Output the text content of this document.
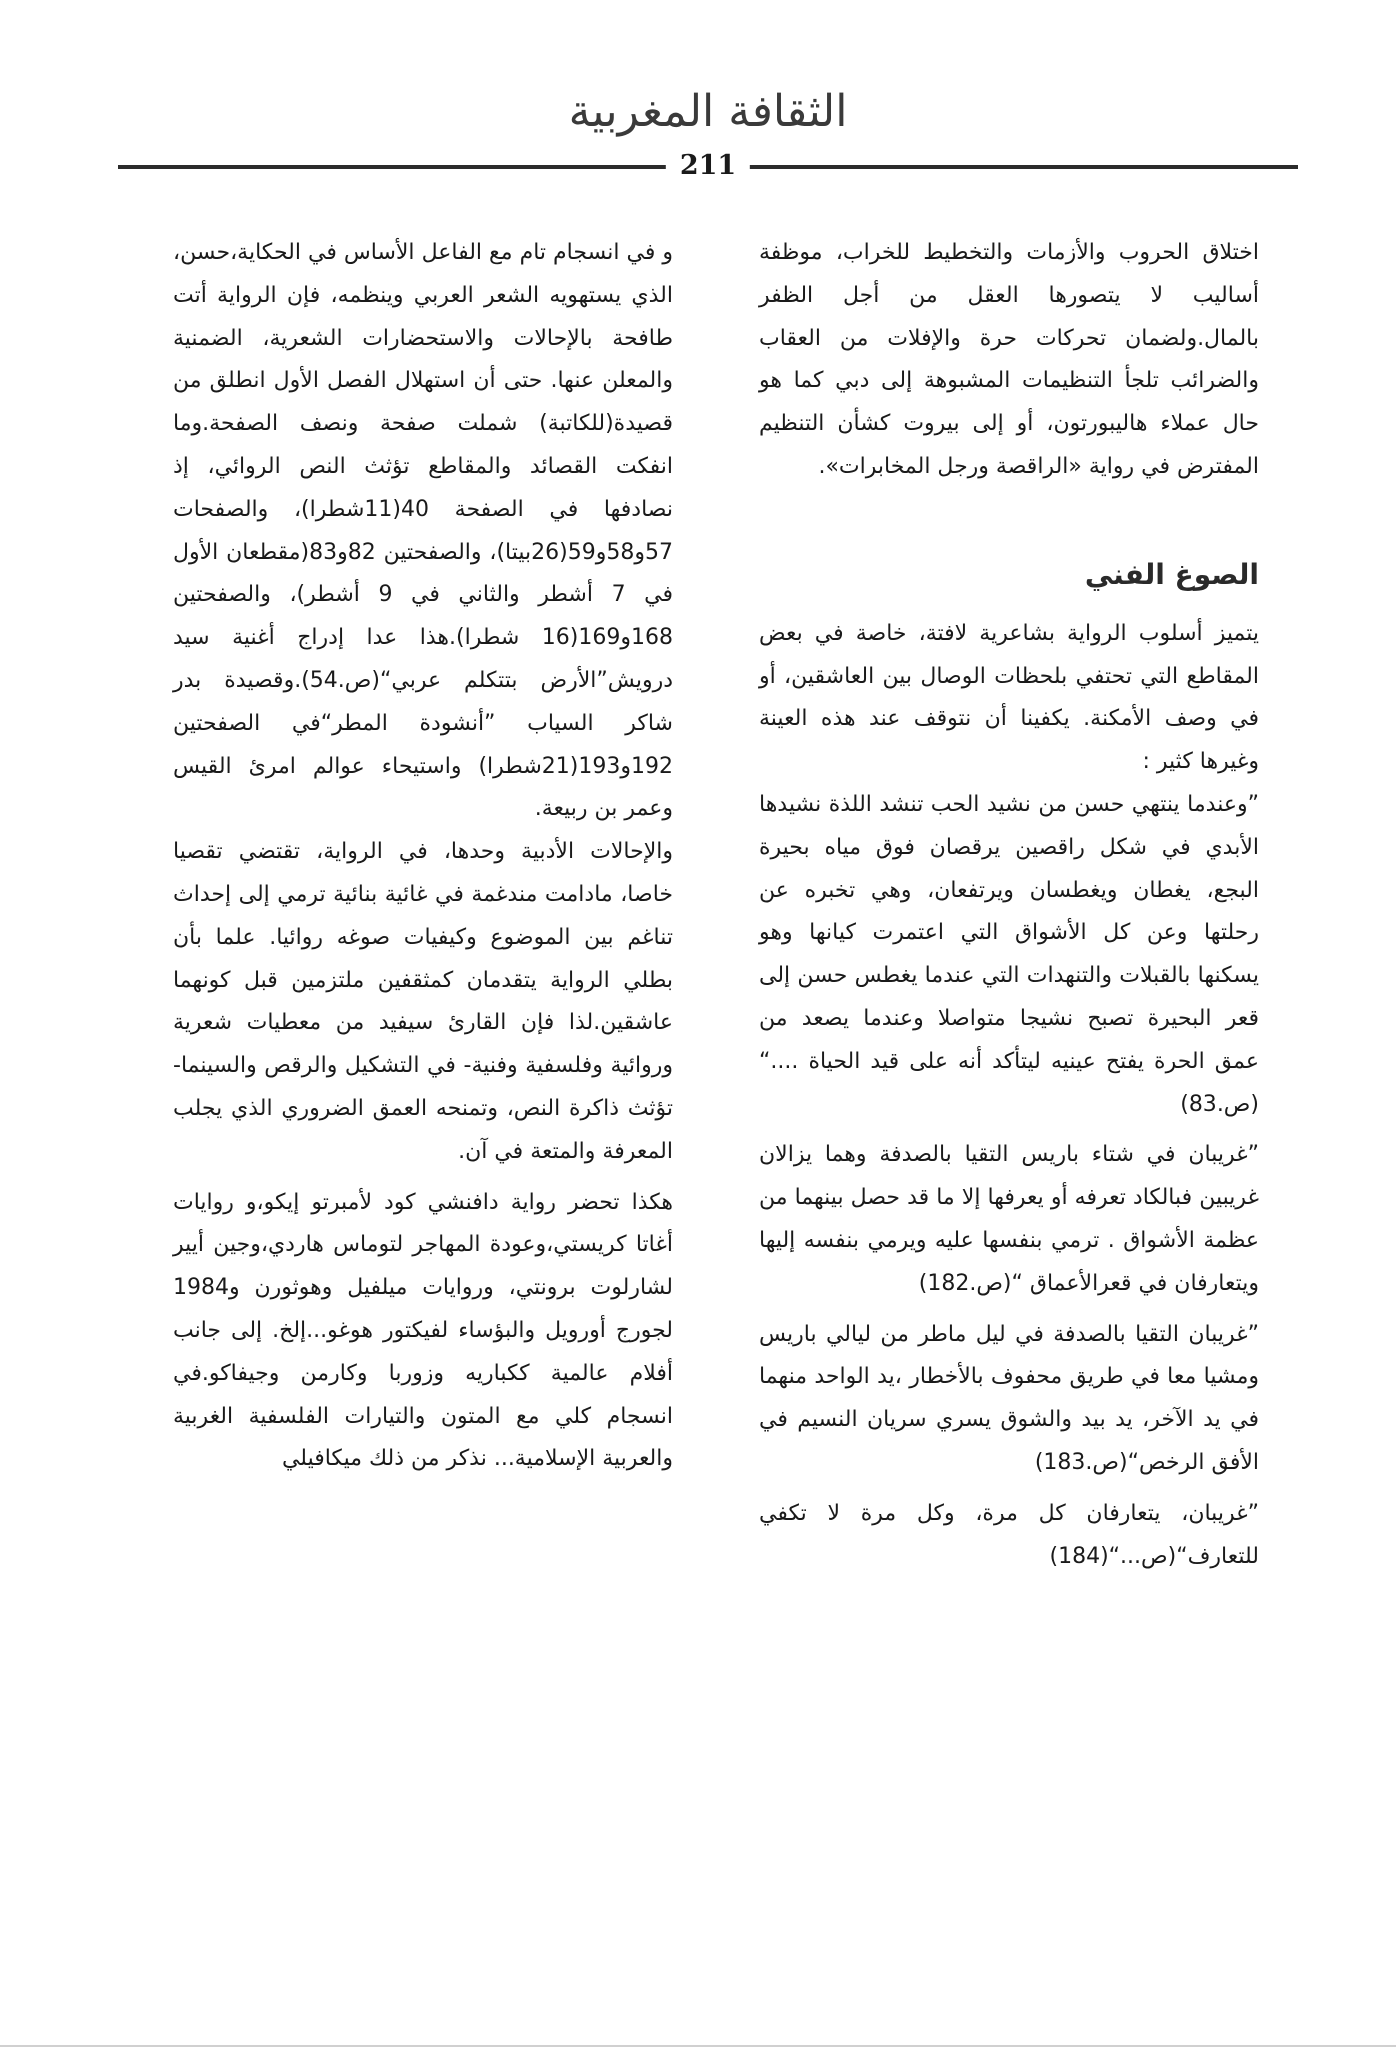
الثقافة المغربية
211

اختلاق الحروب والأزمات والتخطيط للخراب، موظفة أساليب لا يتصورها العقل من أجل الظفر بالمال.ولضمان تحركات حرة والإفلات من العقاب والضرائب تلجأ التنظيمات المشبوهة إلى دبي كما هو حال عملاء هاليبورتون، أو إلى بيروت كشأن التنظيم المفترض في رواية «الراقصة ورجل المخابرات».

الصوغ الفني

يتميز أسلوب الرواية بشاعرية لافتة، خاصة في بعض المقاطع التي تحتفي بلحظات الوصال بين العاشقين، أو في وصف الأمكنة. يكفينا أن نتوقف عند هذه العينة وغيرها كثير :

”وعندما ينتهي حسن من نشيد الحب تنشد اللذة نشيدها الأبدي في شكل راقصين يرقصان فوق مياه بحيرة البجع، يغطان ويغطسان ويرتفعان، وهي تخبره عن رحلتها وعن كل الأشواق التي اعتمرت كيانها وهو يسكنها بالقبلات والتنهدات التي عندما يغطس حسن إلى قعر البحيرة تصبح نشيجا متواصلا وعندما يصعد من عمق الحرة يفتح عينيه ليتأكد أنه على قيد الحياة ....“ (ص.83)

”غريبان في شتاء باريس التقيا بالصدفة وهما يزالان غريبين فبالكاد تعرفه أو يعرفها إلا ما قد حصل بينهما من عظمة الأشواق . ترمي بنفسها عليه ويرمي بنفسه إليها ويتعارفان في قعرالأعماق “(ص.182)

”غريبان التقيا بالصدفة في ليل ماطر من ليالي باريس ومشيا معا في طريق محفوف بالأخطار ،يد الواحد منهما في يد الآخر، يد بيد والشوق يسري سريان النسيم في الأفق الرخص“(ص.183)

”غريبان، يتعارفان كل مرة، وكل مرة لا تكفي للتعارف“(ص...“(184)

و في انسجام تام مع الفاعل الأساس في الحكاية،حسن، الذي يستهويه الشعر العربي وينظمه، فإن الرواية أتت طافحة بالإحالات والاستحضارات الشعرية، الضمنية والمعلن عنها. حتى أن استهلال الفصل الأول انطلق من قصيدة(للكاتبة) شملت صفحة ونصف الصفحة.وما انفكت القصائد والمقاطع تؤثث النص الروائي، إذ نصادفها في الصفحة 40(11شطرا)، والصفحات 57و58و59(26بيتا)، والصفحتين 82و83(مقطعان الأول في 7 أشطر والثاني في 9 أشطر)، والصفحتين 168و169(16 شطرا).هذا عدا إدراج أغنية سيد درويش”الأرض بتتكلم عربي“(ص.54).وقصيدة بدر شاكر السياب ”أنشودة المطر“في الصفحتين 192و193(21شطرا) واستيحاء عوالم امرئ القيس وعمر بن ربيعة.

والإحالات الأدبية وحدها، في الرواية، تقتضي تقصيا خاصا، مادامت مندغمة في غائية بنائية ترمي إلى إحداث تناغم بين الموضوع وكيفيات صوغه روائيا. علما بأن بطلي الرواية يتقدمان كمثقفين ملتزمين قبل كونهما عاشقين.لذا فإن القارئ سيفيد من معطيات شعرية وروائية وفلسفية وفنية- في التشكيل والرقص والسينما- تؤثث ذاكرة النص، وتمنحه العمق الضروري الذي يجلب المعرفة والمتعة في آن.

هكذا تحضر رواية دافنشي كود لأمبرتو إيكو،و روايات أغاتا كريستي،وعودة المهاجر لتوماس هاردي،وجين أيير لشارلوت برونتي، وروايات ميلفيل وهوثورن و1984 لجورج أورويل والبؤساء لفيكتور هوغو...إلخ. إلى جانب أفلام عالمية ككباريه وزوربا وكارمن وجيفاكو.في انسجام كلي مع المتون والتيارات الفلسفية الغربية والعربية الإسلامية... نذكر من ذلك ميكافيلي
